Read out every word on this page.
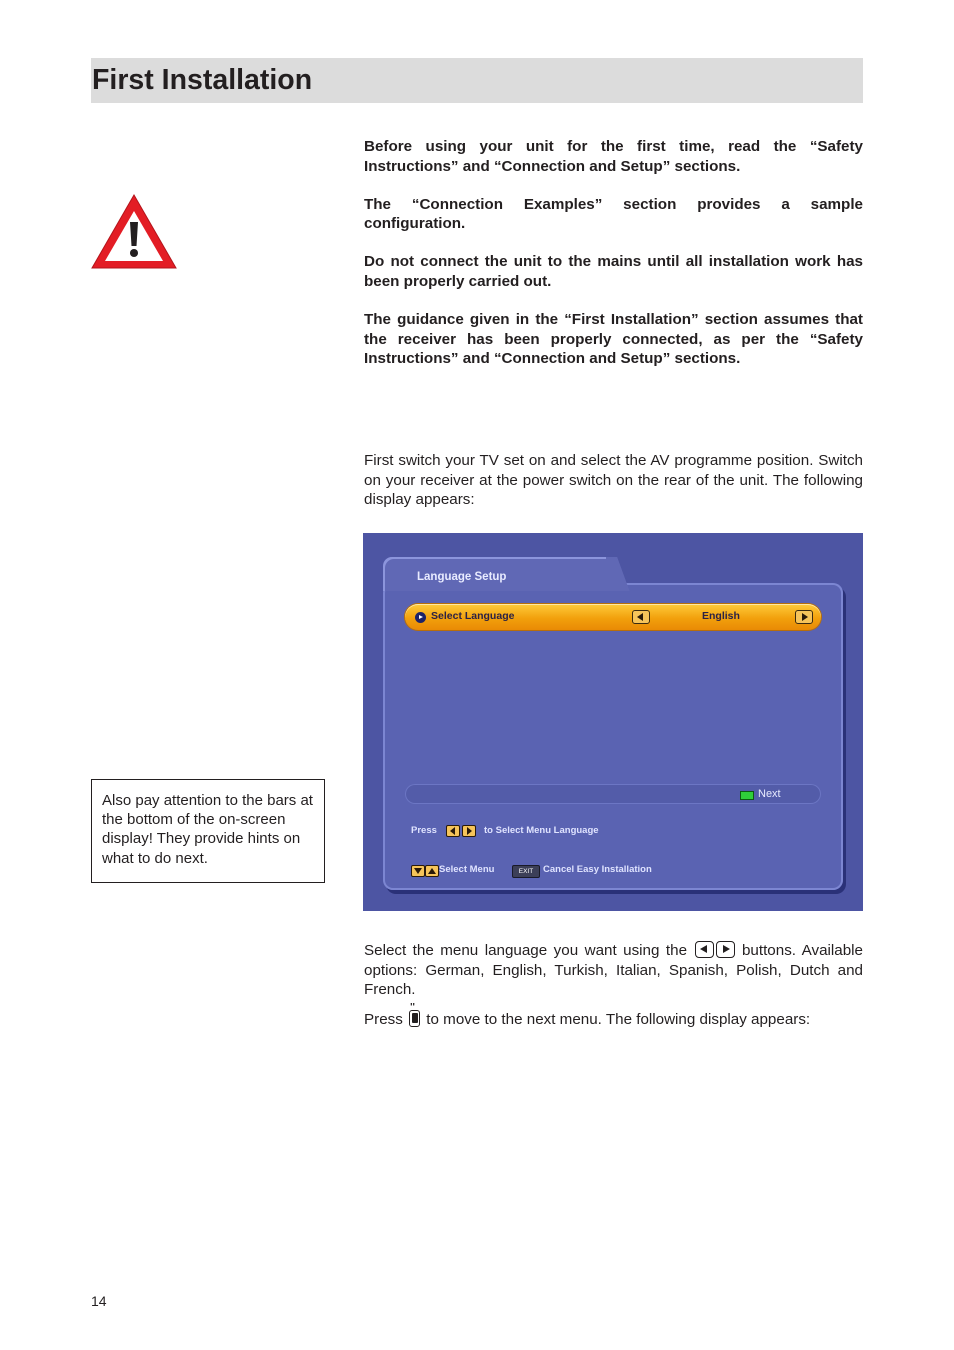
First Installation

Before using your unit for the first time, read the “Safety Instructions” and “Connection and Setup” sections.

The “Connection Examples” section provides a sample configuration.

Do not connect the unit to the mains until all installation work has been properly carried out.

The guidance given in the “First Installation” section assumes that the receiver has been properly connected, as per the “Safety Instructions” and “Connection and Setup” sections.

First switch your TV set on and select the AV programme position. Switch on your receiver at the power switch on the rear of the unit. The following display appears:

Also pay attention to the bars at the bottom of the on-screen display! They provide hints on what to do next.
Language Setup
Select Language	English
Next
Press	to Select Menu Language
Select Menu	EXIT	Cancel Easy Installation

Select the menu language you want using the	buttons. Available options: German, English, Turkish, Italian, Spanish, Polish, Dutch and French.

Press '' to move to the next menu. The following display appears:

14
